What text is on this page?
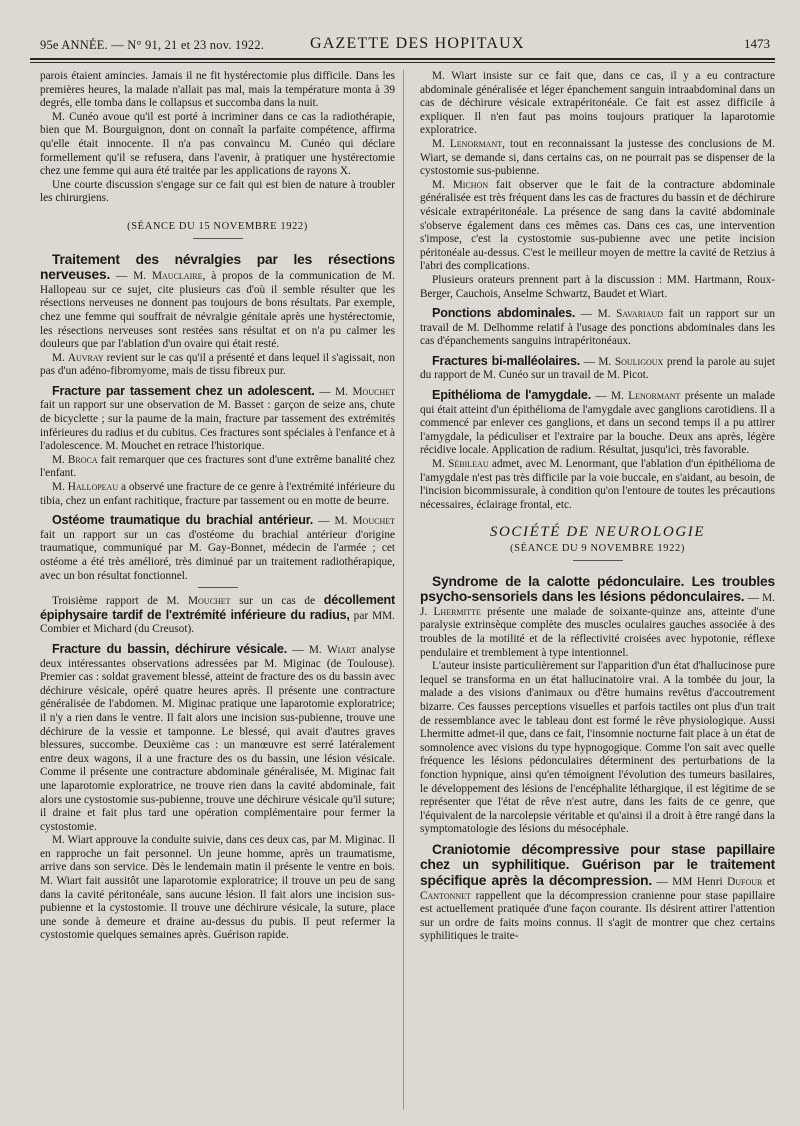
95e ANNÉE. — N° 91, 21 et 23 nov. 1922.	GAZETTE DES HOPITAUX	1473

parois étaient amincies. Jamais il ne fit hystérectomie plus difficile. Dans les premières heures, la malade n'allait pas mal, mais la température monta à 39 degrés, elle tomba dans le collapsus et succomba dans la nuit.

M. Cunéo avoue qu'il est porté à incriminer dans ce cas la radiothérapie, bien que M. Bourguignon, dont on connaît la parfaite compétence, affirma qu'elle était innocente. Il n'a pas convaincu M. Cunéo qui déclare formellement qu'il se refusera, dans l'avenir, à pratiquer une hystérectomie chez une femme qui aura été traitée par les applications de rayons X.

Une courte discussion s'engage sur ce fait qui est bien de nature à troubler les chirurgiens.

(SÉANCE DU 15 NOVEMBRE 1922)

Traitement des névralgies par les résections nerveuses. — M. Mauclaire, à propos de la communication de M. Hallopeau sur ce sujet, cite plusieurs cas d'où il semble résulter que les résections nerveuses ne donnent pas toujours de bons résultats. Par exemple, chez une femme qui souffrait de névralgie génitale après une hystérectomie, les résections nerveuses sont restées sans résultat et on n'a pu calmer les douleurs que par l'ablation d'un ovaire qui était resté.

M. Auvray revient sur le cas qu'il a présenté et dans lequel il s'agissait, non pas d'un adéno-fibromyome, mais de tissu fibreux pur.

Fracture par tassement chez un adolescent. — M. Mouchet fait un rapport sur une observation de M. Basset : garçon de seize ans, chute de bicyclette ; sur la paume de la main, fracture par tassement des extrémités inférieures du radius et du cubitus. Ces fractures sont spéciales à l'enfance et à l'adolescence. M. Mouchet en retrace l'historique.

M. Broca fait remarquer que ces fractures sont d'une extrême banalité chez l'enfant.

M. Hallopeau a observé une fracture de ce genre à l'extrémité inférieure du tibia, chez un enfant rachitique, fracture par tassement ou en motte de beurre.

Ostéome traumatique du brachial antérieur. — M. Mouchet fait un rapport sur un cas d'ostéome du brachial antérieur d'origine traumatique, communiqué par M. Gay-Bonnet, médecin de l'armée ; cet ostéome a été très amélioré, très diminué par un traitement radiothérapique, avec un bon résultat fonctionnel.

Troisième rapport de M. Mouchet sur un cas de décollement épiphysaire tardif de l'extrémité inférieure du radius, par MM. Combier et Michard (du Creusot).

Fracture du bassin, déchirure vésicale. — M. Wiart analyse deux intéressantes observations adressées par M. Miginac (de Toulouse). Premier cas : soldat gravement blessé, atteint de fracture des os du bassin avec déchirure vésicale, opéré quatre heures après. Il présente une contracture généralisée de l'abdomen. M. Miginac pratique une laparotomie exploratrice; il n'y a rien dans le ventre. Il fait alors une incision sus-pubienne, trouve une déchirure de la vessie et tamponne. Le blessé, qui avait d'autres graves blessures, succombe. Deuxième cas : un manœuvre est serré latéralement entre deux wagons, il a une fracture des os du bassin, une lésion vésicale. Comme il présente une contracture abdominale généralisée, M. Miginac fait une laparotomie exploratrice, ne trouve rien dans la cavité abdominale, fait alors une cystostomie sus-pubienne, trouve une déchirure vésicale qu'il suture; il draine et fait plus tard une opération complémentaire pour fermer la cystostomie.

M. Wiart approuve la conduite suivie, dans ces deux cas, par M. Miginac. Il en rapproche un fait personnel. Un jeune homme, après un traumatisme, arrive dans son service. Dès le lendemain matin il présente le ventre en bois. M. Wiart fait aussitôt une laparotomie exploratrice; il trouve un peu de sang dans la cavité péritonéale, sans aucune lésion. Il fait alors une incision sus-pubienne et la cystostomie. Il trouve une déchirure vésicale, la suture, place une sonde à demeure et draine au-dessus du pubis. Il peut refermer la cystostomie quelques semaines après. Guérison rapide.

M. Wiart insiste sur ce fait que, dans ce cas, il y a eu contracture abdominale généralisée et léger épanchement sanguin intraabdominal dans un cas de déchirure vésicale extrapéritonéale. Ce fait est assez difficile à expliquer. Il n'en faut pas moins toujours pratiquer la laparotomie exploratrice.

M. Lenormant, tout en reconnaissant la justesse des conclusions de M. Wiart, se demande si, dans certains cas, on ne pourrait pas se dispenser de la cystostomie sus-pubienne.

M. Michon fait observer que le fait de la contracture abdominale généralisée est très fréquent dans les cas de fractures du bassin et de déchirure vésicale extrapéritonéale. La présence de sang dans la cavité abdominale s'observe également dans ces mêmes cas. Dans ces cas, une intervention s'impose, c'est la cystostomie sus-pubienne avec une petite incision péritonéale au-dessus. C'est le meilleur moyen de mettre la cavité de Retzius à l'abri des complications.

Plusieurs orateurs prennent part à la discussion : MM. Hartmann, Roux-Berger, Cauchois, Anselme Schwartz, Baudet et Wiart.

Ponctions abdominales. — M. Savariaud fait un rapport sur un travail de M. Delhomme relatif à l'usage des ponctions abdominales dans les cas d'épanchements sanguins intrapéritonéaux.

Fractures bi-malléolaires. — M. Souligoux prend la parole au sujet du rapport de M. Cunéo sur un travail de M. Picot.

Epithélioma de l'amygdale. — M. Lenormant présente un malade qui était atteint d'un épithélioma de l'amygdale avec ganglions carotidiens. Il a commencé par enlever ces ganglions, et dans un second temps il a pu attirer l'amygdale, la pédiculiser et l'extraire par la bouche. Deux ans après, légère récidive locale. Application de radium. Résultat, jusqu'ici, très favorable.

M. Sébileau admet, avec M. Lenormant, que l'ablation d'un épithélioma de l'amygdale n'est pas très difficile par la voie buccale, en s'aidant, au besoin, de l'incision bicommissurale, à condition qu'on l'entoure de toutes les précautions nécessaires, éclairage frontal, etc.

SOCIÉTÉ DE NEUROLOGIE
(SÉANCE DU 9 NOVEMBRE 1922)

Syndrome de la calotte pédonculaire. Les troubles psycho-sensoriels dans les lésions pédonculaires. — M. J. Lhermitte présente une malade de soixante-quinze ans, atteinte d'une paralysie extrinsèque complète des muscles oculaires gauches associée à des troubles de la motilité et de la réflectivité croisées avec hypotonie, réflexe pendulaire et tremblement à type intentionnel.

L'auteur insiste particulièrement sur l'apparition d'un état d'hallucinose pure lequel se transforma en un état hallucinatoire vrai. A la tombée du jour, la malade a des visions d'animaux ou d'être humains revêtus d'accoutrement bizarre. Ces fausses perceptions visuelles et parfois tactiles ont plus d'un trait de ressemblance avec le tableau dont est formé le rêve physiologique. Aussi Lhermitte admet-il que, dans ce fait, l'insomnie nocturne fait place à un état de somnolence avec visions du type hypnogogique. Comme l'on sait avec quelle fréquence les lésions pédonculaires déterminent des perturbations de la fonction hypnique, ainsi qu'en témoignent l'évolution des tumeurs basilaires, le développement des lésions de l'encéphalite léthargique, il est légitime de se représenter que l'état de rêve n'est autre, dans les faits de ce genre, que l'équivalent de la narcolepsie véritable et qu'ainsi il a droit à être rangé dans la symptomatologie des lésions du mésocéphale.

Craniotomie décompressive pour stase papillaire chez un syphilitique. Guérison par le traitement spécifique après la décompression. — MM Henri Dufour et Cantonnet rappellent que la décompression cranienne pour stase papillaire est actuellement pratiquée d'une façon courante. Ils désirent attirer l'attention sur un ordre de faits moins connus. Il s'agit de montrer que chez certains syphilitiques le traite-
